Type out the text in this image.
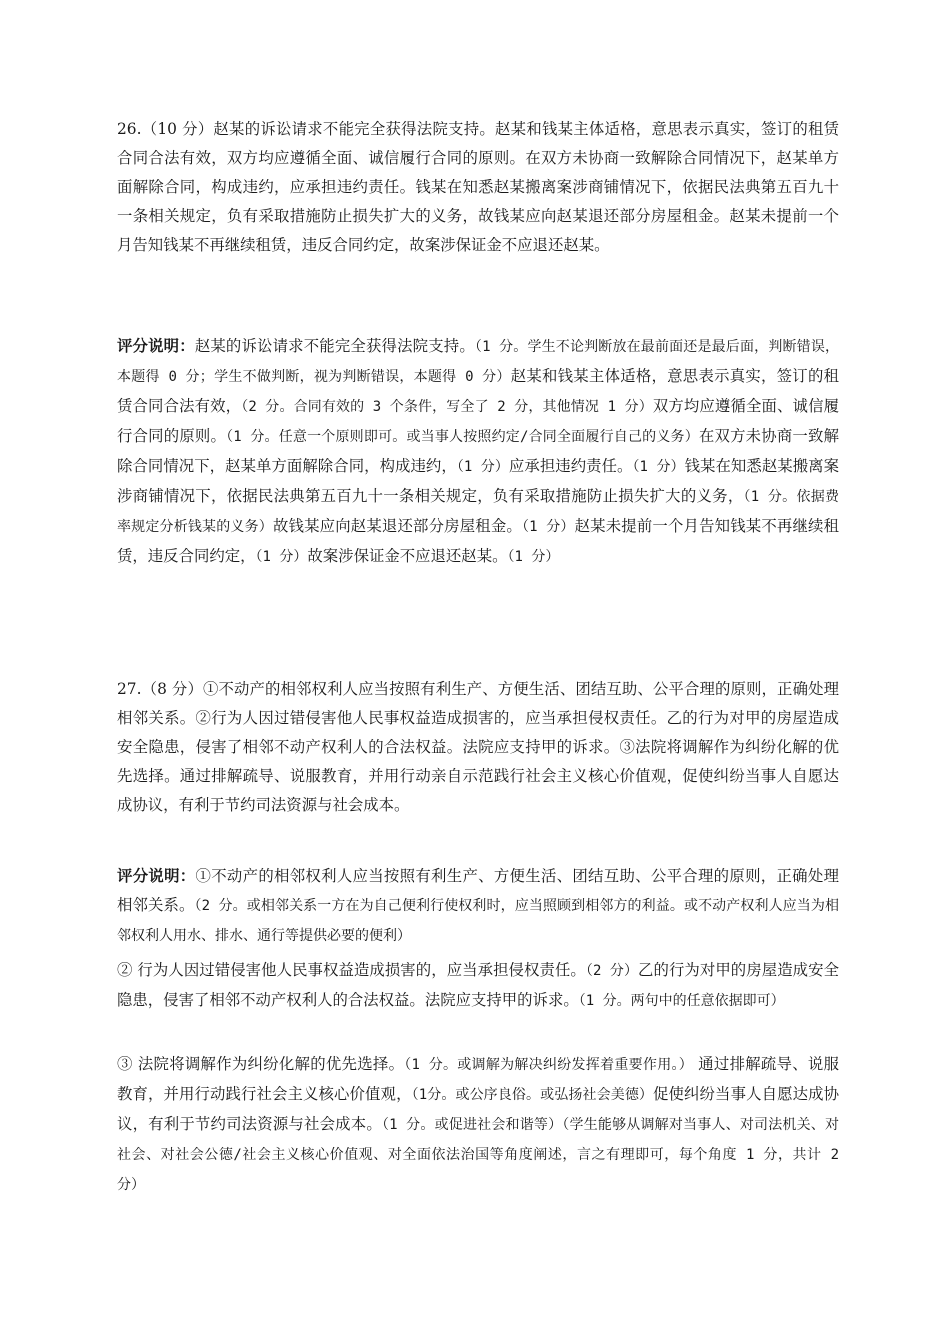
26.（10 分）赵某的诉讼请求不能完全获得法院支持。赵某和钱某主体适格，意思表示真实，签订的租赁合同合法有效，双方均应遵循全面、诚信履行合同的原则。在双方未协商一致解除合同情况下，赵某单方面解除合同，构成违约，应承担违约责任。钱某在知悉赵某搬离案涉商铺情况下，依据民法典第五百九十一条相关规定，负有采取措施防止损失扩大的义务，故钱某应向赵某退还部分房屋租金。赵某未提前一个月告知钱某不再继续租赁，违反合同约定，故案涉保证金不应退还赵某。

评分说明：赵某的诉讼请求不能完全获得法院支持。（1 分。学生不论判断放在最前面还是最后面，判断错误，本题得 0 分；学生不做判断，视为判断错误，本题得 0 分）赵某和钱某主体适格，意思表示真实，签订的租赁合同合法有效，（2 分。合同有效的 3 个条件，写全了 2 分，其他情况 1 分）双方均应遵循全面、诚信履行合同的原则。（1 分。任意一个原则即可。或当事人按照约定/合同全面履行自己的义务）在双方未协商一致解除合同情况下，赵某单方面解除合同，构成违约，（1 分）应承担违约责任。（1 分）钱某在知悉赵某搬离案涉商铺情况下，依据民法典第五百九十一条相关规定，负有采取措施防止损失扩大的义务，（1 分。依据费率规定分析钱某的义务）故钱某应向赵某退还部分房屋租金。（1 分）赵某未提前一个月告知钱某不再继续租赁，违反合同约定，（1 分）故案涉保证金不应退还赵某。（1 分）

27.（8 分）①不动产的相邻权利人应当按照有利生产、方便生活、团结互助、公平合理的原则，正确处理相邻关系。②行为人因过错侵害他人民事权益造成损害的，应当承担侵权责任。乙的行为对甲的房屋造成安全隐患，侵害了相邻不动产权利人的合法权益。法院应支持甲的诉求。③法院将调解作为纠纷化解的优先选择。通过排解疏导、说服教育，并用行动亲自示范践行社会主义核心价值观，促使纠纷当事人自愿达成协议，有利于节约司法资源与社会成本。

评分说明：①不动产的相邻权利人应当按照有利生产、方便生活、团结互助、公平合理的原则，正确处理相邻关系。（2 分。或相邻关系一方在为自己便利行使权利时，应当照顾到相邻方的利益。或不动产权利人应当为相邻权利人用水、排水、通行等提供必要的便利）

② 行为人因过错侵害他人民事权益造成损害的，应当承担侵权责任。（2 分）乙的行为对甲的房屋造成安全隐患，侵害了相邻不动产权利人的合法权益。法院应支持甲的诉求。（1 分。两句中的任意依据即可）

③ 法院将调解作为纠纷化解的优先选择。（1 分。或调解为解决纠纷发挥着重要作用。） 通过排解疏导、说服教育，并用行动践行社会主义核心价值观，（1分。或公序良俗。或弘扬社会美德）促使纠纷当事人自愿达成协议，有利于节约司法资源与社会成本。（1 分。或促进社会和谐等）（学生能够从调解对当事人、对司法机关、对社会、对社会公德/社会主义核心价值观、对全面依法治国等角度阐述，言之有理即可，每个角度 1 分，共计 2 分）
